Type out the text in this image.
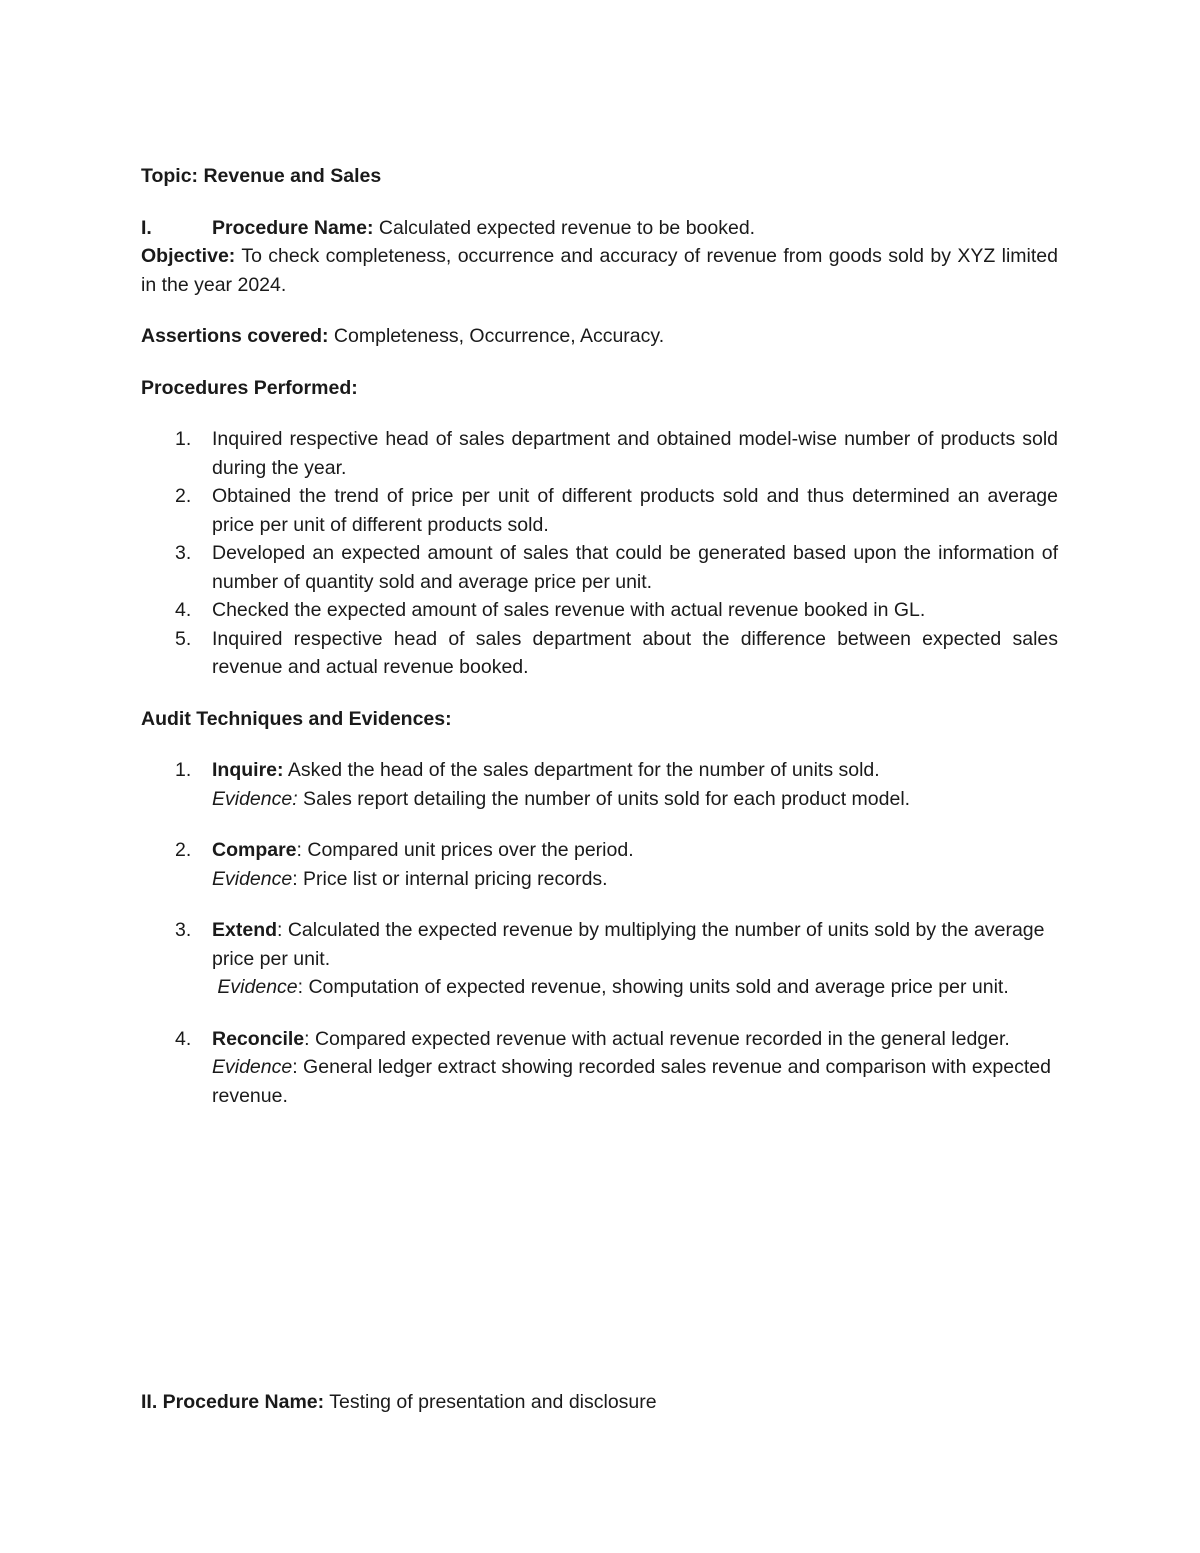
Topic: Revenue and Sales

I.	Procedure Name: Calculated expected revenue to be booked.

Objective: To check completeness, occurrence and accuracy of revenue from goods sold by XYZ limited in the year 2024.

Assertions covered: Completeness, Occurrence, Accuracy.

Procedures Performed:

1.	Inquired respective head of sales department and obtained model-wise number of products sold during the year.
2.	Obtained the trend of price per unit of different products sold and thus determined an average price per unit of different products sold.
3.	Developed an expected amount of sales that could be generated based upon the information of number of quantity sold and average price per unit.
4.	Checked the expected amount of sales revenue with actual revenue booked in GL.
5.	Inquired respective head of sales department about the difference between expected sales revenue and actual revenue booked.

Audit Techniques and Evidences:

1.	Inquire: Asked the head of the sales department for the number of units sold.
Evidence: Sales report detailing the number of units sold for each product model.
2.	Compare: Compared unit prices over the period.
Evidence: Price list or internal pricing records.
3.	Extend: Calculated the expected revenue by multiplying the number of units sold by the average price per unit.
Evidence: Computation of expected revenue, showing units sold and average price per unit.
4.	Reconcile: Compared expected revenue with actual revenue recorded in the general ledger.
Evidence: General ledger extract showing recorded sales revenue and comparison with expected revenue.

II. Procedure Name: Testing of presentation and disclosure
